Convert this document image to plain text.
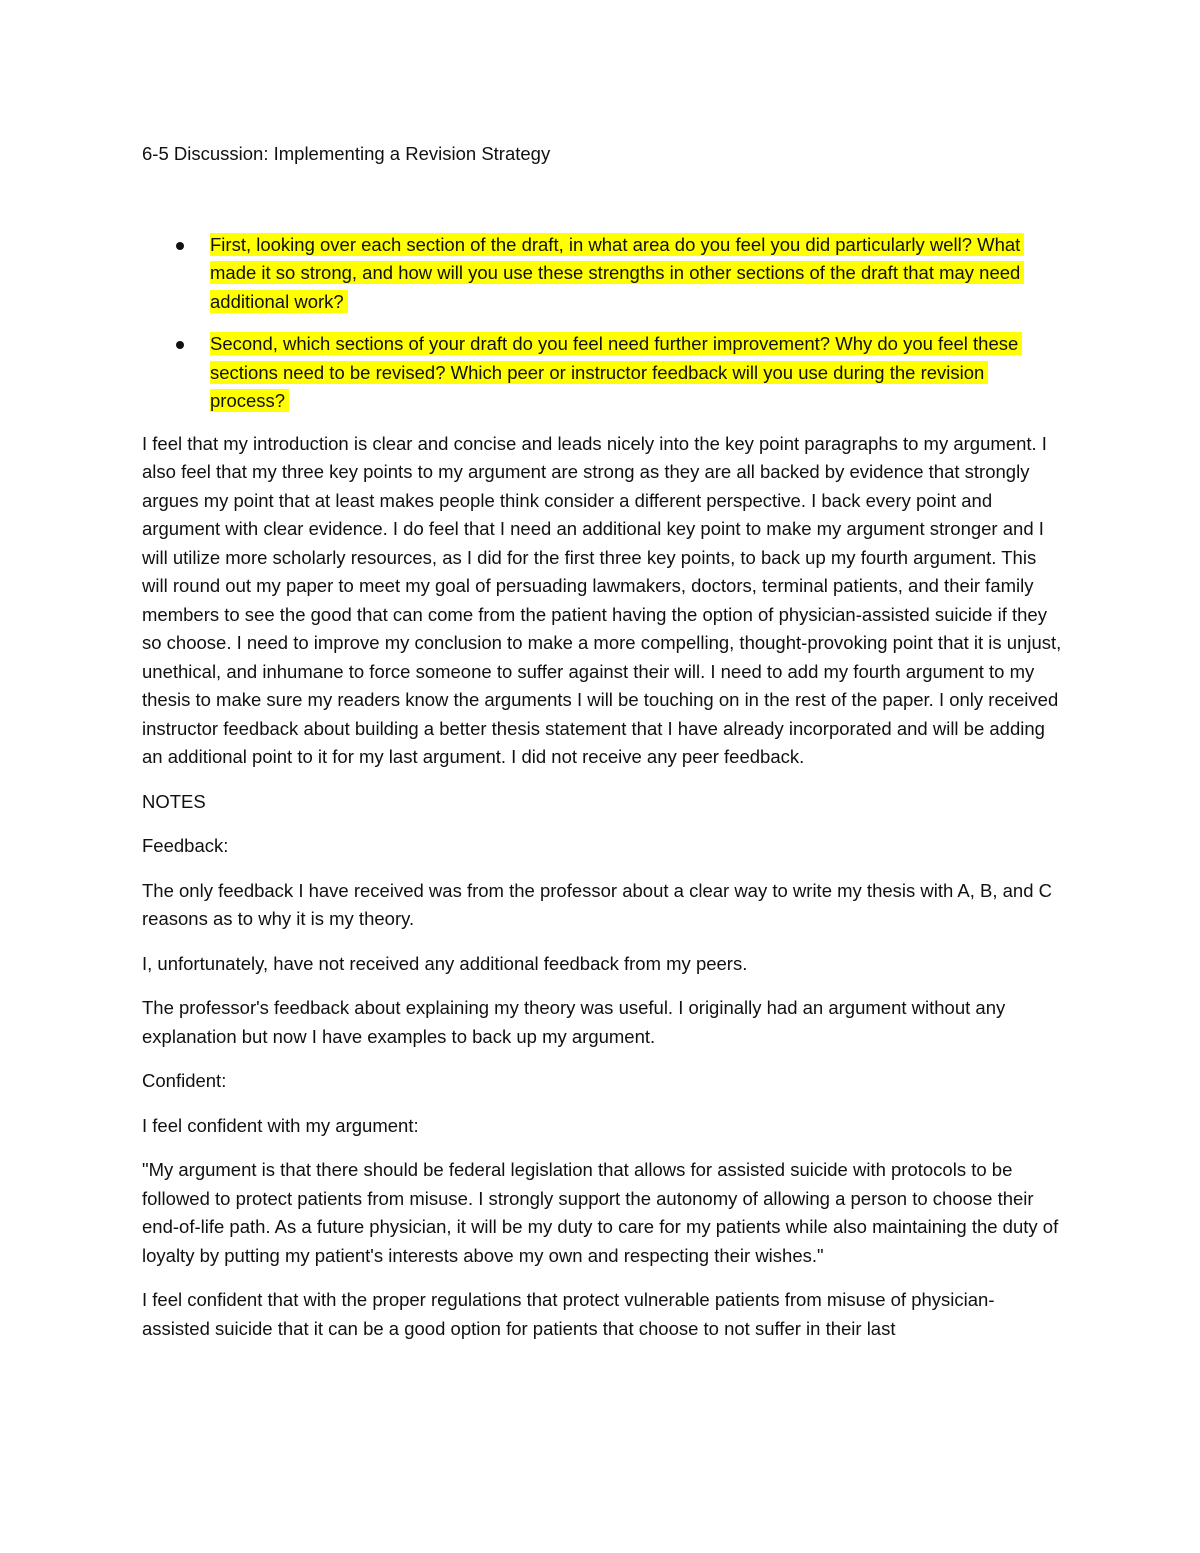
6-5 Discussion: Implementing a Revision Strategy
First, looking over each section of the draft, in what area do you feel you did particularly well? What made it so strong, and how will you use these strengths in other sections of the draft that may need additional work?
Second, which sections of your draft do you feel need further improvement? Why do you feel these sections need to be revised? Which peer or instructor feedback will you use during the revision process?

I feel that my introduction is clear and concise and leads nicely into the key point paragraphs to my argument. I also feel that my three key points to my argument are strong as they are all backed by evidence that strongly argues my point that at least makes people think consider a different perspective. I back every point and argument with clear evidence. I do feel that I need an additional key point to make my argument stronger and I will utilize more scholarly resources, as I did for the first three key points, to back up my fourth argument. This will round out my paper to meet my goal of persuading lawmakers, doctors, terminal patients, and their family members to see the good that can come from the patient having the option of physician-assisted suicide if they so choose. I need to improve my conclusion to make a more compelling, thought-provoking point that it is unjust, unethical, and inhumane to force someone to suffer against their will. I need to add my fourth argument to my thesis to make sure my readers know the arguments I will be touching on in the rest of the paper. I only received instructor feedback about building a better thesis statement that I have already incorporated and will be adding an additional point to it for my last argument. I did not receive any peer feedback.

NOTES

Feedback:

The only feedback I have received was from the professor about a clear way to write my thesis with A, B, and C reasons as to why it is my theory.

I, unfortunately, have not received any additional feedback from my peers.

The professor's feedback about explaining my theory was useful. I originally had an argument without any explanation but now I have examples to back up my argument.

Confident:

I feel confident with my argument:

"My argument is that there should be federal legislation that allows for assisted suicide with protocols to be followed to protect patients from misuse. I strongly support the autonomy of allowing a person to choose their end-of-life path. As a future physician, it will be my duty to care for my patients while also maintaining the duty of loyalty by putting my patient's interests above my own and respecting their wishes."

I feel confident that with the proper regulations that protect vulnerable patients from misuse of physician-assisted suicide that it can be a good option for patients that choose to not suffer in their last
